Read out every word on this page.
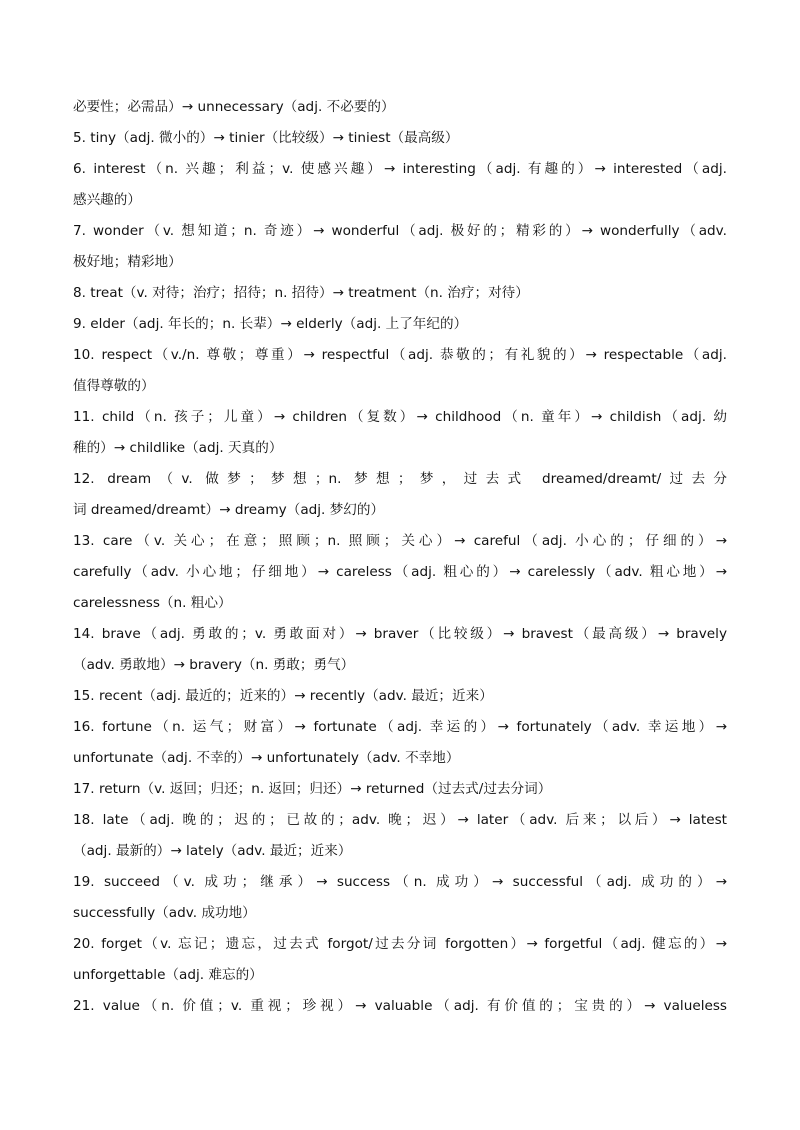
必要性；必需品）→ unnecessary（adj. 不必要的）
5. tiny（adj. 微小的）→ tinier（比较级）→ tiniest（最高级）
6. interest（n. 兴趣；利益；v. 使感兴趣）→ interesting（adj. 有趣的）→ interested（adj.
感兴趣的）
7. wonder（v. 想知道；n. 奇迹）→ wonderful（adj. 极好的；精彩的）→ wonderfully（adv.
极好地；精彩地）
8. treat（v. 对待；治疗；招待；n. 招待）→ treatment（n. 治疗；对待）
9. elder（adj. 年长的；n. 长辈）→ elderly（adj. 上了年纪的）
10. respect（v./n. 尊敬；尊重）→ respectful（adj. 恭敬的；有礼貌的）→ respectable（adj.
值得尊敬的）
11. child（n. 孩子；儿童）→ children（复数）→ childhood（n. 童年）→ childish（adj. 幼
稚的）→ childlike（adj. 天真的）
12. dream（v. 做梦；梦想；n. 梦想；梦，过去式 dreamed/dreamt/过去分
词 dreamed/dreamt）→ dreamy（adj. 梦幻的）
13. care（v. 关心；在意；照顾；n. 照顾；关心）→ careful（adj. 小心的；仔细的）→
carefully（adv. 小心地；仔细地）→ careless（adj. 粗心的）→ carelessly（adv. 粗心地）→
carelessness（n. 粗心）
14. brave（adj. 勇敢的；v. 勇敢面对）→ braver（比较级）→ bravest（最高级）→ bravely
（adv. 勇敢地）→ bravery（n. 勇敢；勇气）
15. recent（adj. 最近的；近来的）→ recently（adv. 最近；近来）
16. fortune（n. 运气；财富）→ fortunate（adj. 幸运的）→ fortunately（adv. 幸运地）→
unfortunate（adj. 不幸的）→ unfortunately（adv. 不幸地）
17. return（v. 返回；归还；n. 返回；归还）→ returned（过去式/过去分词）
18. late（adj. 晚的；迟的；已故的；adv. 晚；迟）→ later（adv. 后来；以后）→ latest
（adj. 最新的）→ lately（adv. 最近；近来）
19. succeed（v. 成功；继承）→ success（n. 成功）→ successful（adj. 成功的）→
successfully（adv. 成功地）
20. forget（v. 忘记；遗忘，过去式 forgot/过去分词 forgotten）→ forgetful（adj. 健忘的）→
unforgettable（adj. 难忘的）
21. value（n. 价值；v. 重视；珍视）→ valuable（adj. 有价值的；宝贵的）→ valueless
